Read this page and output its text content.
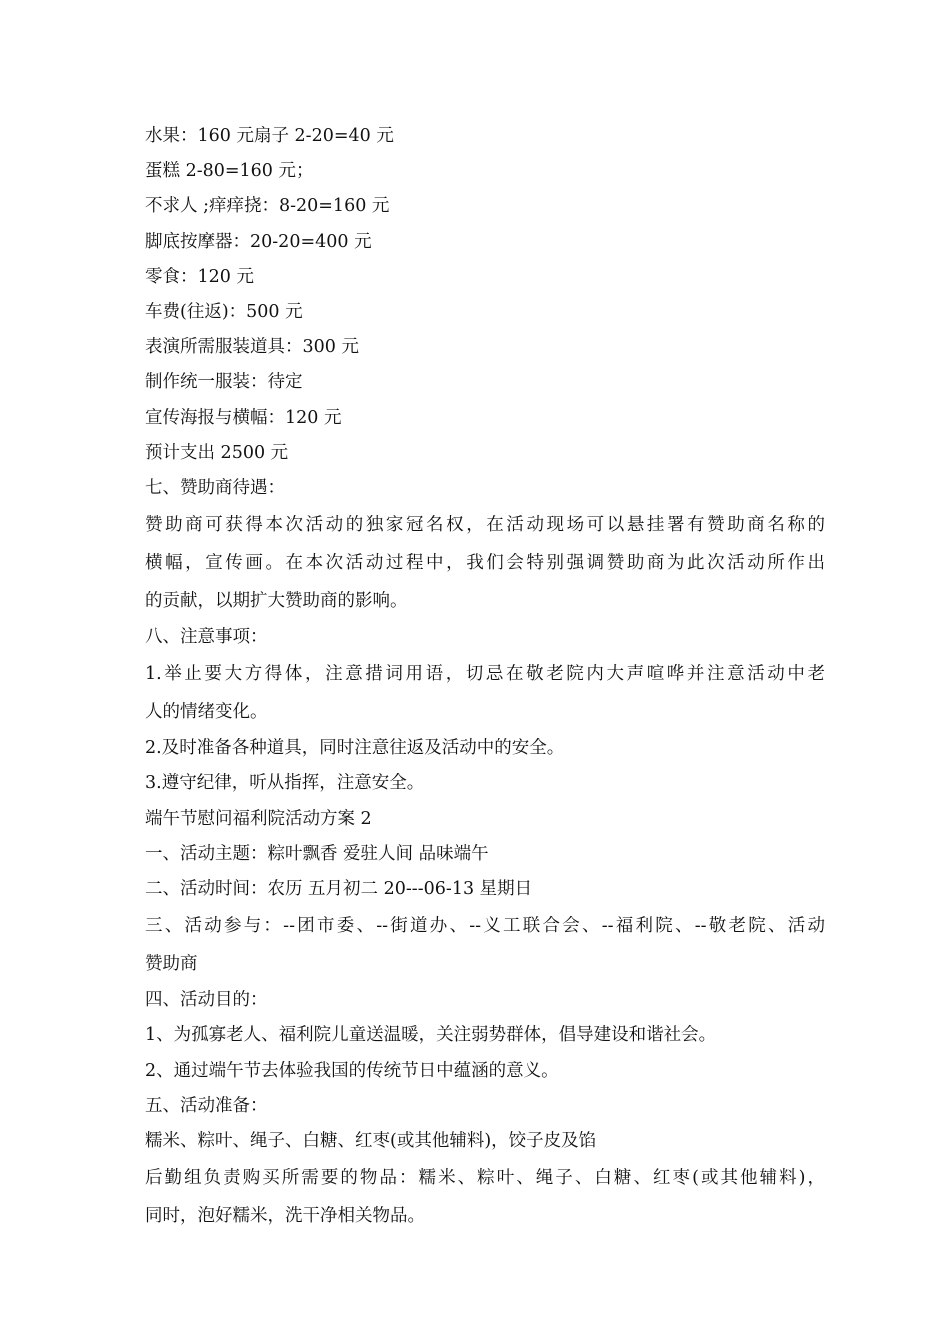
水果：160 元扇子 2-20=40 元
蛋糕 2-80=160 元；
不求人 ;痒痒挠：8-20=160 元
脚底按摩器：20-20=400 元
零食：120 元
车费(往返)：500 元
表演所需服装道具：300 元
制作统一服装：待定
宣传海报与横幅：120 元
预计支出 2500 元
七、赞助商待遇：
赞助商可获得本次活动的独家冠名权，在活动现场可以悬挂署有赞助商名称的
横幅，宣传画。在本次活动过程中，我们会特别强调赞助商为此次活动所作出
的贡献，以期扩大赞助商的影响。
八、注意事项：
1.举止要大方得体，注意措词用语，切忌在敬老院内大声喧哗并注意活动中老
人的情绪变化。
2.及时准备各种道具，同时注意往返及活动中的安全。
3.遵守纪律，听从指挥，注意安全。
端午节慰问福利院活动方案 2
一、活动主题：粽叶飘香 爱驻人间 品味端午
二、活动时间：农历 五月初二 20---06-13 星期日
三、活动参与：--团市委、--街道办、--义工联合会、--福利院、--敬老院、活动
赞助商
四、活动目的：
1、为孤寡老人、福利院儿童送温暖，关注弱势群体，倡导建设和谐社会。
2、通过端午节去体验我国的传统节日中蕴涵的意义。
五、活动准备：
糯米、粽叶、绳子、白糖、红枣(或其他辅料)，饺子皮及馅
后勤组负责购买所需要的物品：糯米、粽叶、绳子、白糖、红枣(或其他辅料)，
同时，泡好糯米，洗干净相关物品。
